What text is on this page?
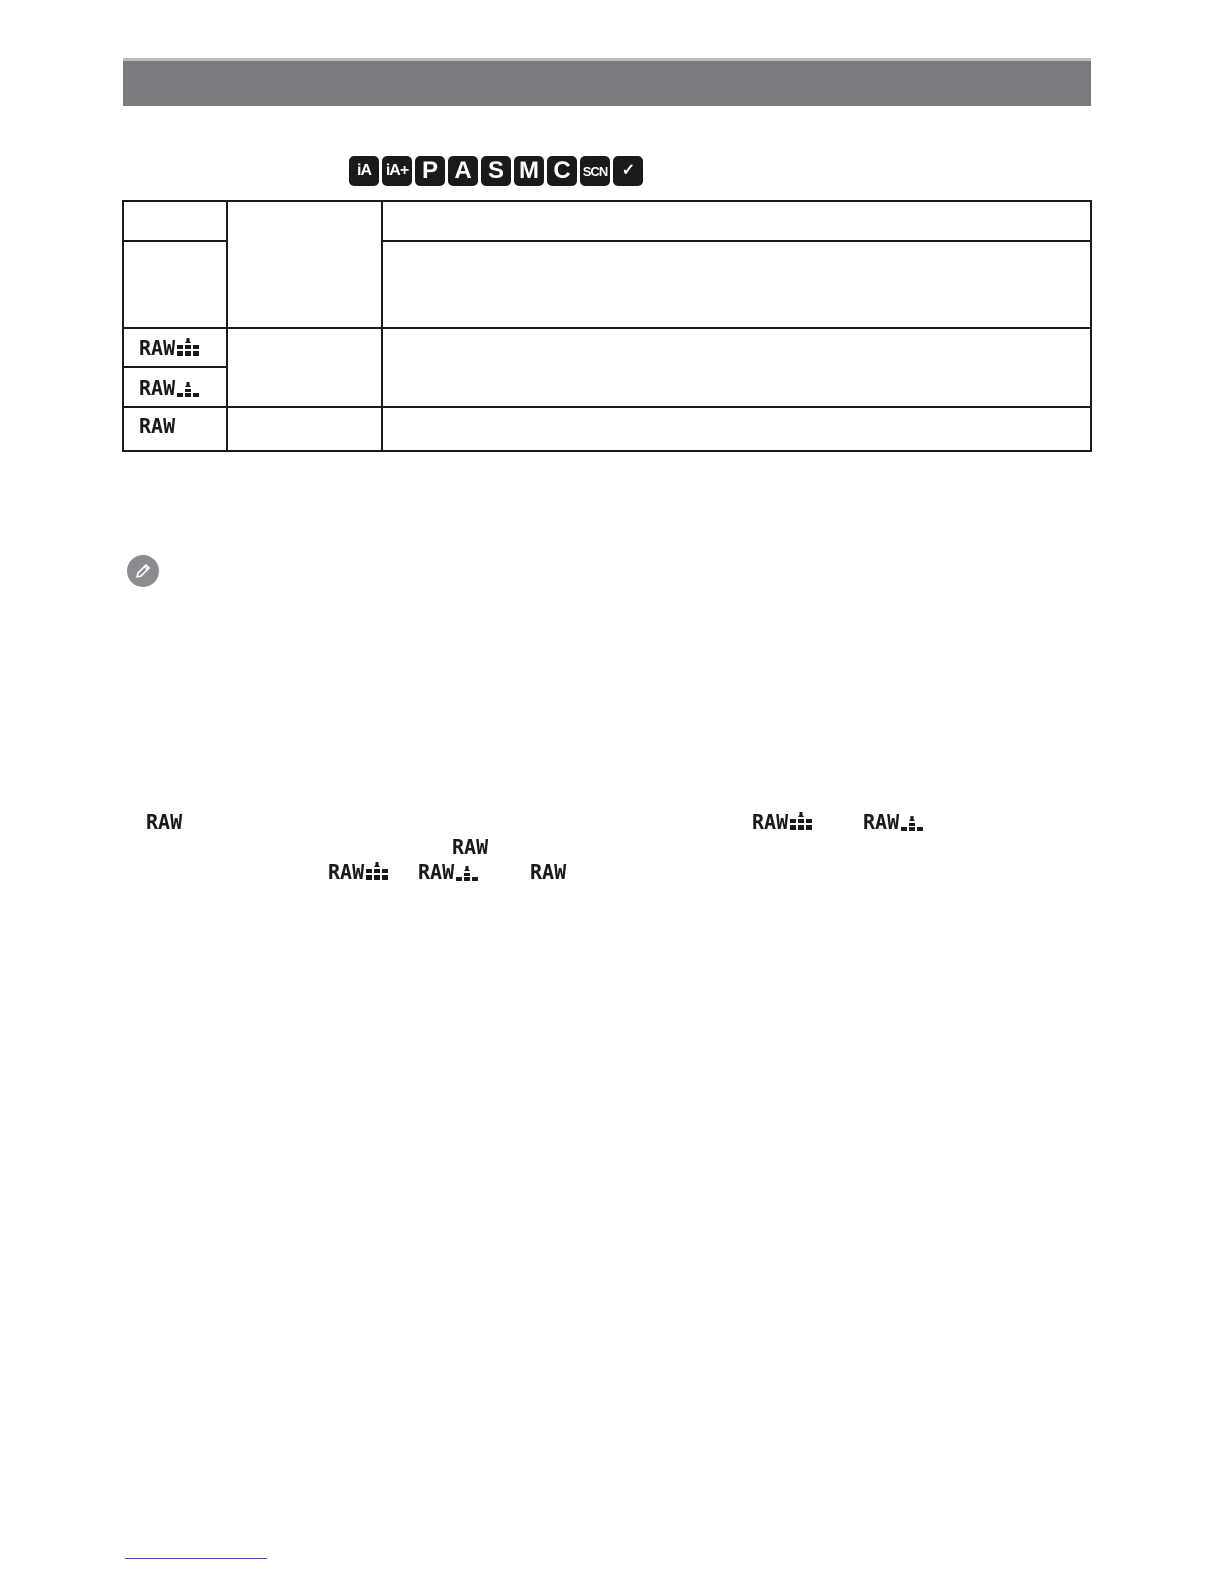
iA iA+ P A S M C SCN ✓
RAW
RAW
RAW
RAW	RAW	RAW
RAW
RAW	RAW	RAW
